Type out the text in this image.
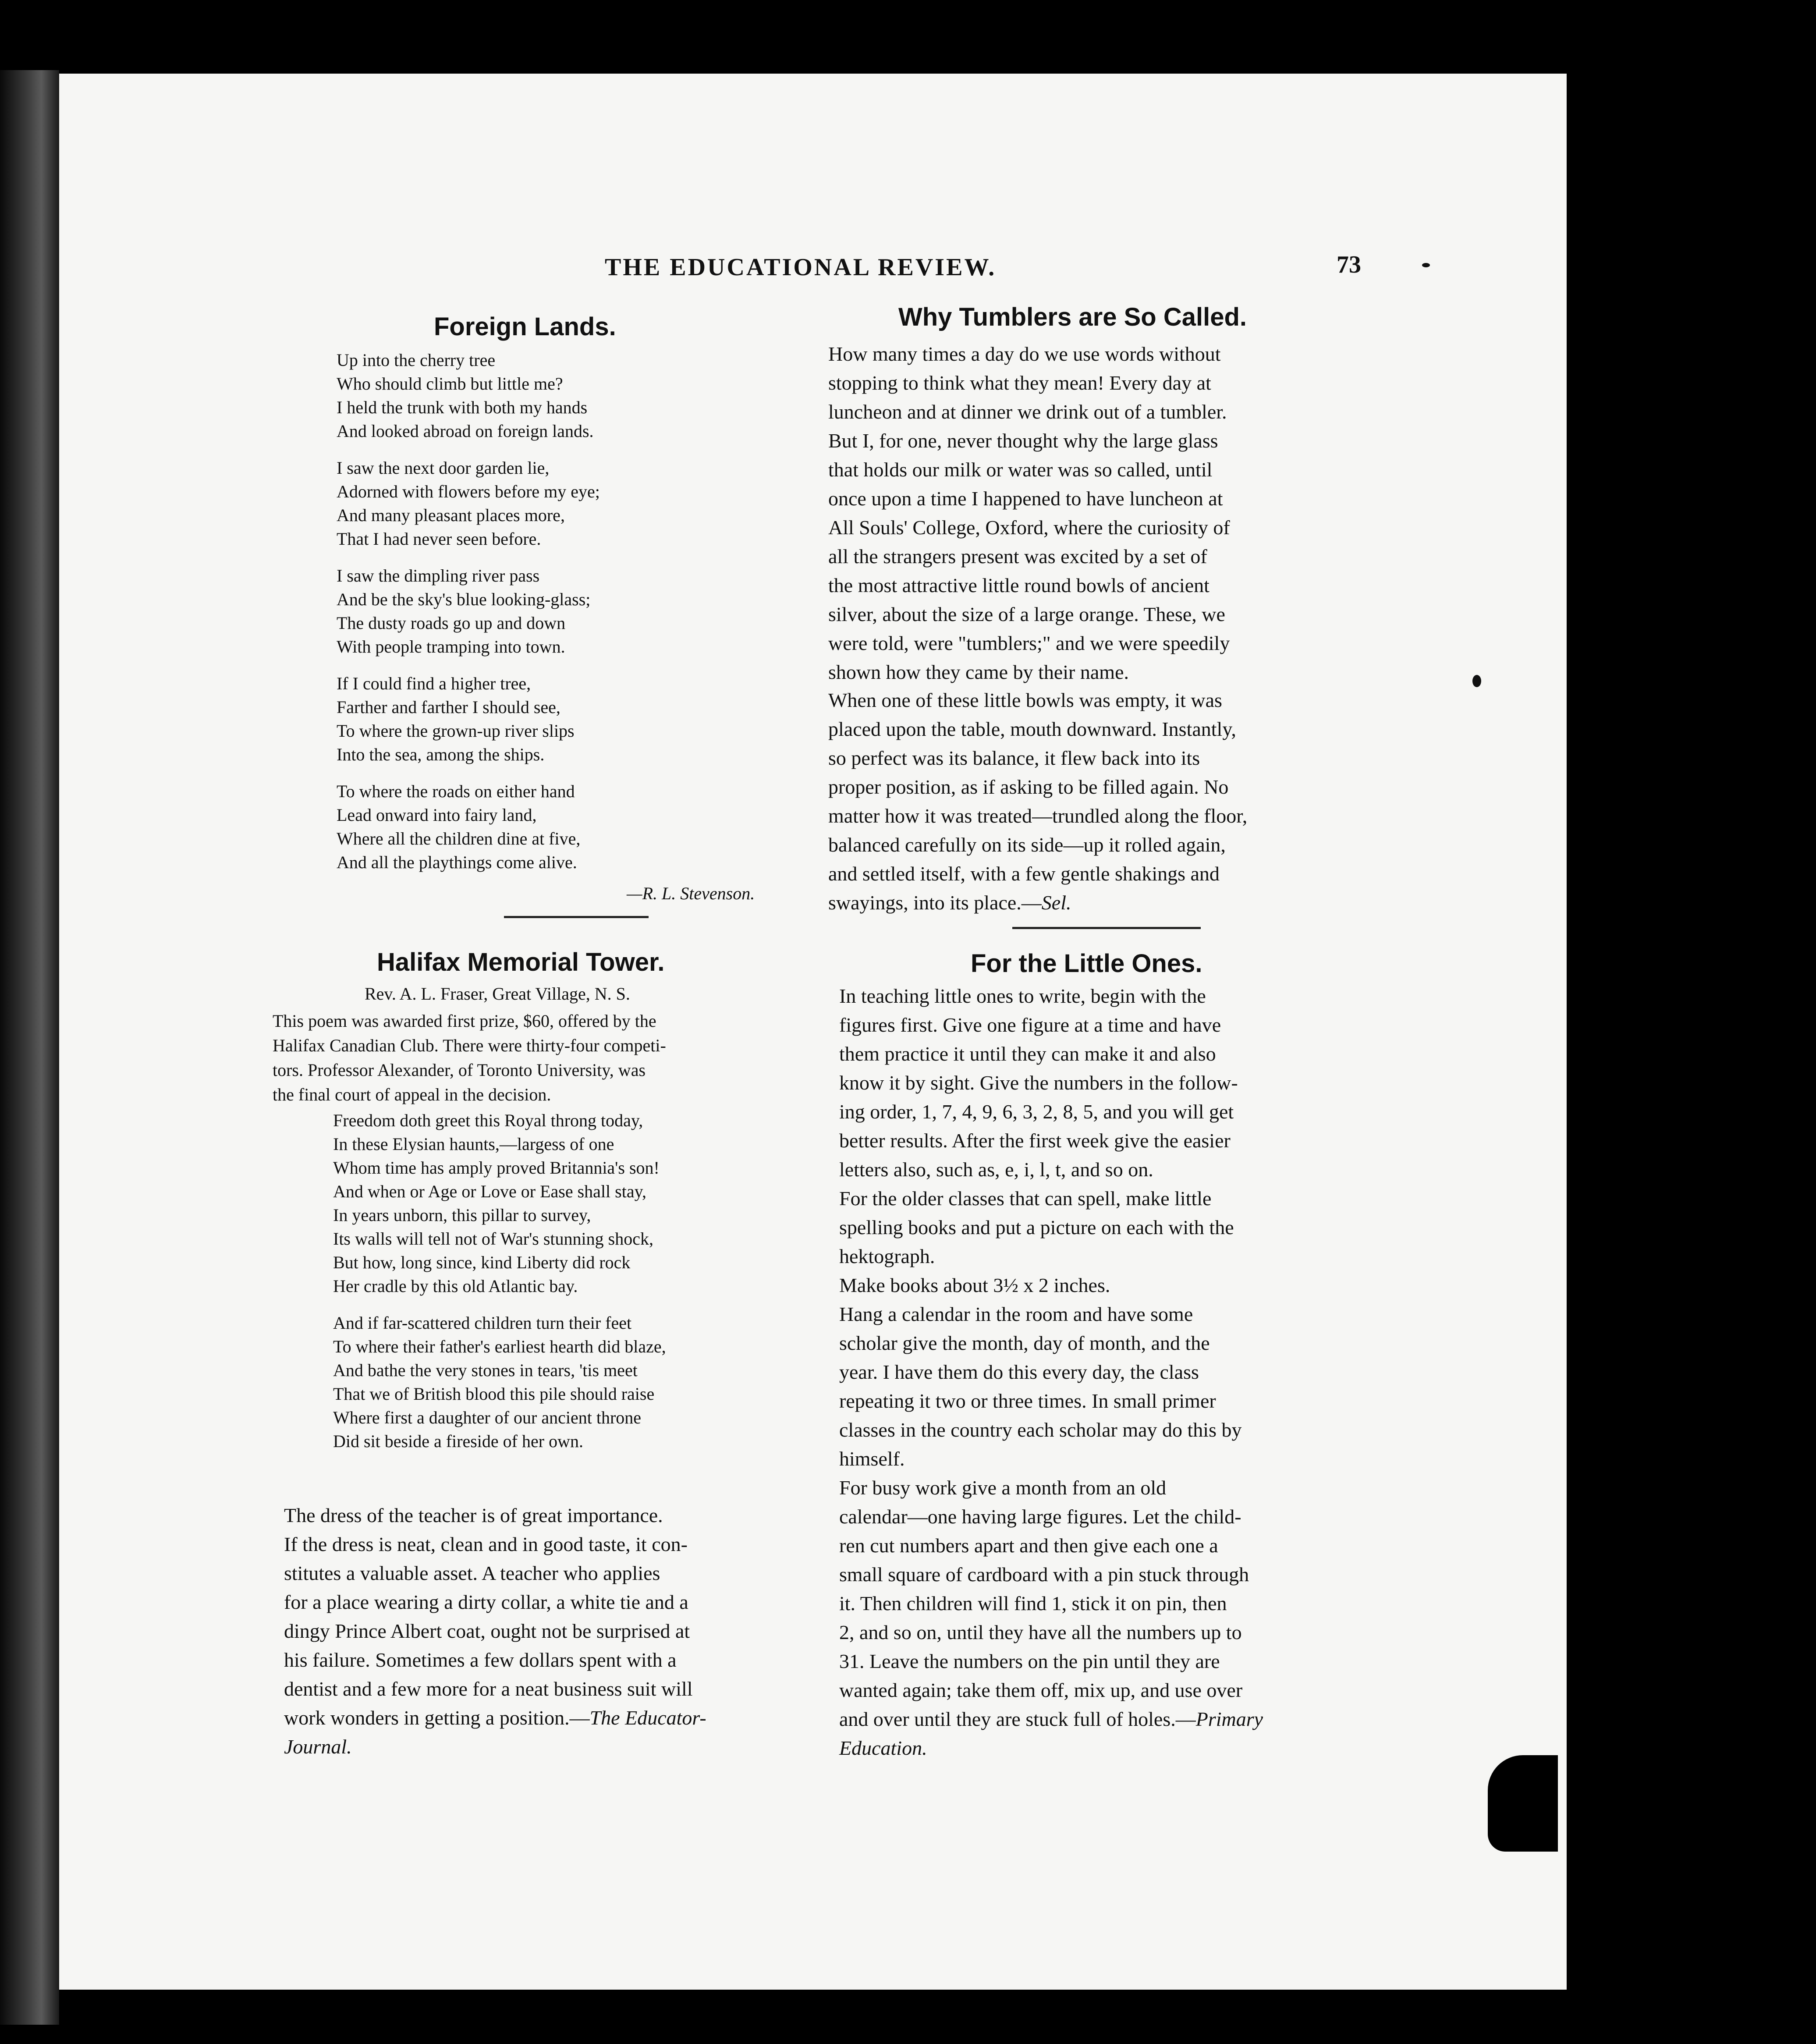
THE EDUCATIONAL REVIEW.	73
Foreign Lands.
Up into the cherry tree
Who should climb but little me?
I held the trunk with both my hands
And looked abroad on foreign lands.
I saw the next door garden lie,
Adorned with flowers before my eye;
And many pleasant places more,
That I had never seen before.
I saw the dimpling river pass
And be the sky's blue looking-glass;
The dusty roads go up and down
With people tramping into town.
If I could find a higher tree,
Farther and farther I should see,
To where the grown-up river slips
Into the sea, among the ships.
To where the roads on either hand
Lead onward into fairy land,
Where all the children dine at five,
And all the playthings come alive.
—R. L. Stevenson.
Halifax Memorial Tower.
Rev. A. L. Fraser, Great Village, N. S.
This poem was awarded first prize, $60, offered by the
Halifax Canadian Club. There were thirty-four competi-
tors. Professor Alexander, of Toronto University, was
the final court of appeal in the decision.
Freedom doth greet this Royal throng today,
In these Elysian haunts,—largess of one
Whom time has amply proved Britannia's son!
And when or Age or Love or Ease shall stay,
In years unborn, this pillar to survey,
Its walls will tell not of War's stunning shock,
But how, long since, kind Liberty did rock
Her cradle by this old Atlantic bay.
And if far-scattered children turn their feet
To where their father's earliest hearth did blaze,
And bathe the very stones in tears, 'tis meet
That we of British blood this pile should raise
Where first a daughter of our ancient throne
Did sit beside a fireside of her own.

The dress of the teacher is of great importance.

If the dress is neat, clean and in good taste, it con-

stitutes a valuable asset. A teacher who applies

for a place wearing a dirty collar, a white tie and a

dingy Prince Albert coat, ought not be surprised at

his failure. Sometimes a few dollars spent with a

dentist and a few more for a neat business suit will

work wonders in getting a position.—The Educator-

Journal.

Why Tumblers are So Called.

How many times a day do we use words without

stopping to think what they mean! Every day at

luncheon and at dinner we drink out of a tumbler.

But I, for one, never thought why the large glass

that holds our milk or water was so called, until

once upon a time I happened to have luncheon at

All Souls' College, Oxford, where the curiosity of

all the strangers present was excited by a set of

the most attractive little round bowls of ancient

silver, about the size of a large orange. These, we

were told, were "tumblers;" and we were speedily

shown how they came by their name.

When one of these little bowls was empty, it was

placed upon the table, mouth downward. Instantly,

so perfect was its balance, it flew back into its

proper position, as if asking to be filled again. No

matter how it was treated—trundled along the floor,

balanced carefully on its side—up it rolled again,

and settled itself, with a few gentle shakings and

swayings, into its place.—Sel.

For the Little Ones.

In teaching little ones to write, begin with the

figures first. Give one figure at a time and have

them practice it until they can make it and also

know it by sight. Give the numbers in the follow-

ing order, 1, 7, 4, 9, 6, 3, 2, 8, 5, and you will get

better results. After the first week give the easier

letters also, such as, e, i, l, t, and so on.

For the older classes that can spell, make little

spelling books and put a picture on each with the

hektograph.

Make books about 3½ x 2 inches.

Hang a calendar in the room and have some

scholar give the month, day of month, and the

year. I have them do this every day, the class

repeating it two or three times. In small primer

classes in the country each scholar may do this by

himself.

For busy work give a month from an old

calendar—one having large figures. Let the child-

ren cut numbers apart and then give each one a

small square of cardboard with a pin stuck through

it. Then children will find 1, stick it on pin, then

2, and so on, until they have all the numbers up to

31. Leave the numbers on the pin until they are

wanted again; take them off, mix up, and use over

and over until they are stuck full of holes.—Primary

Education.
